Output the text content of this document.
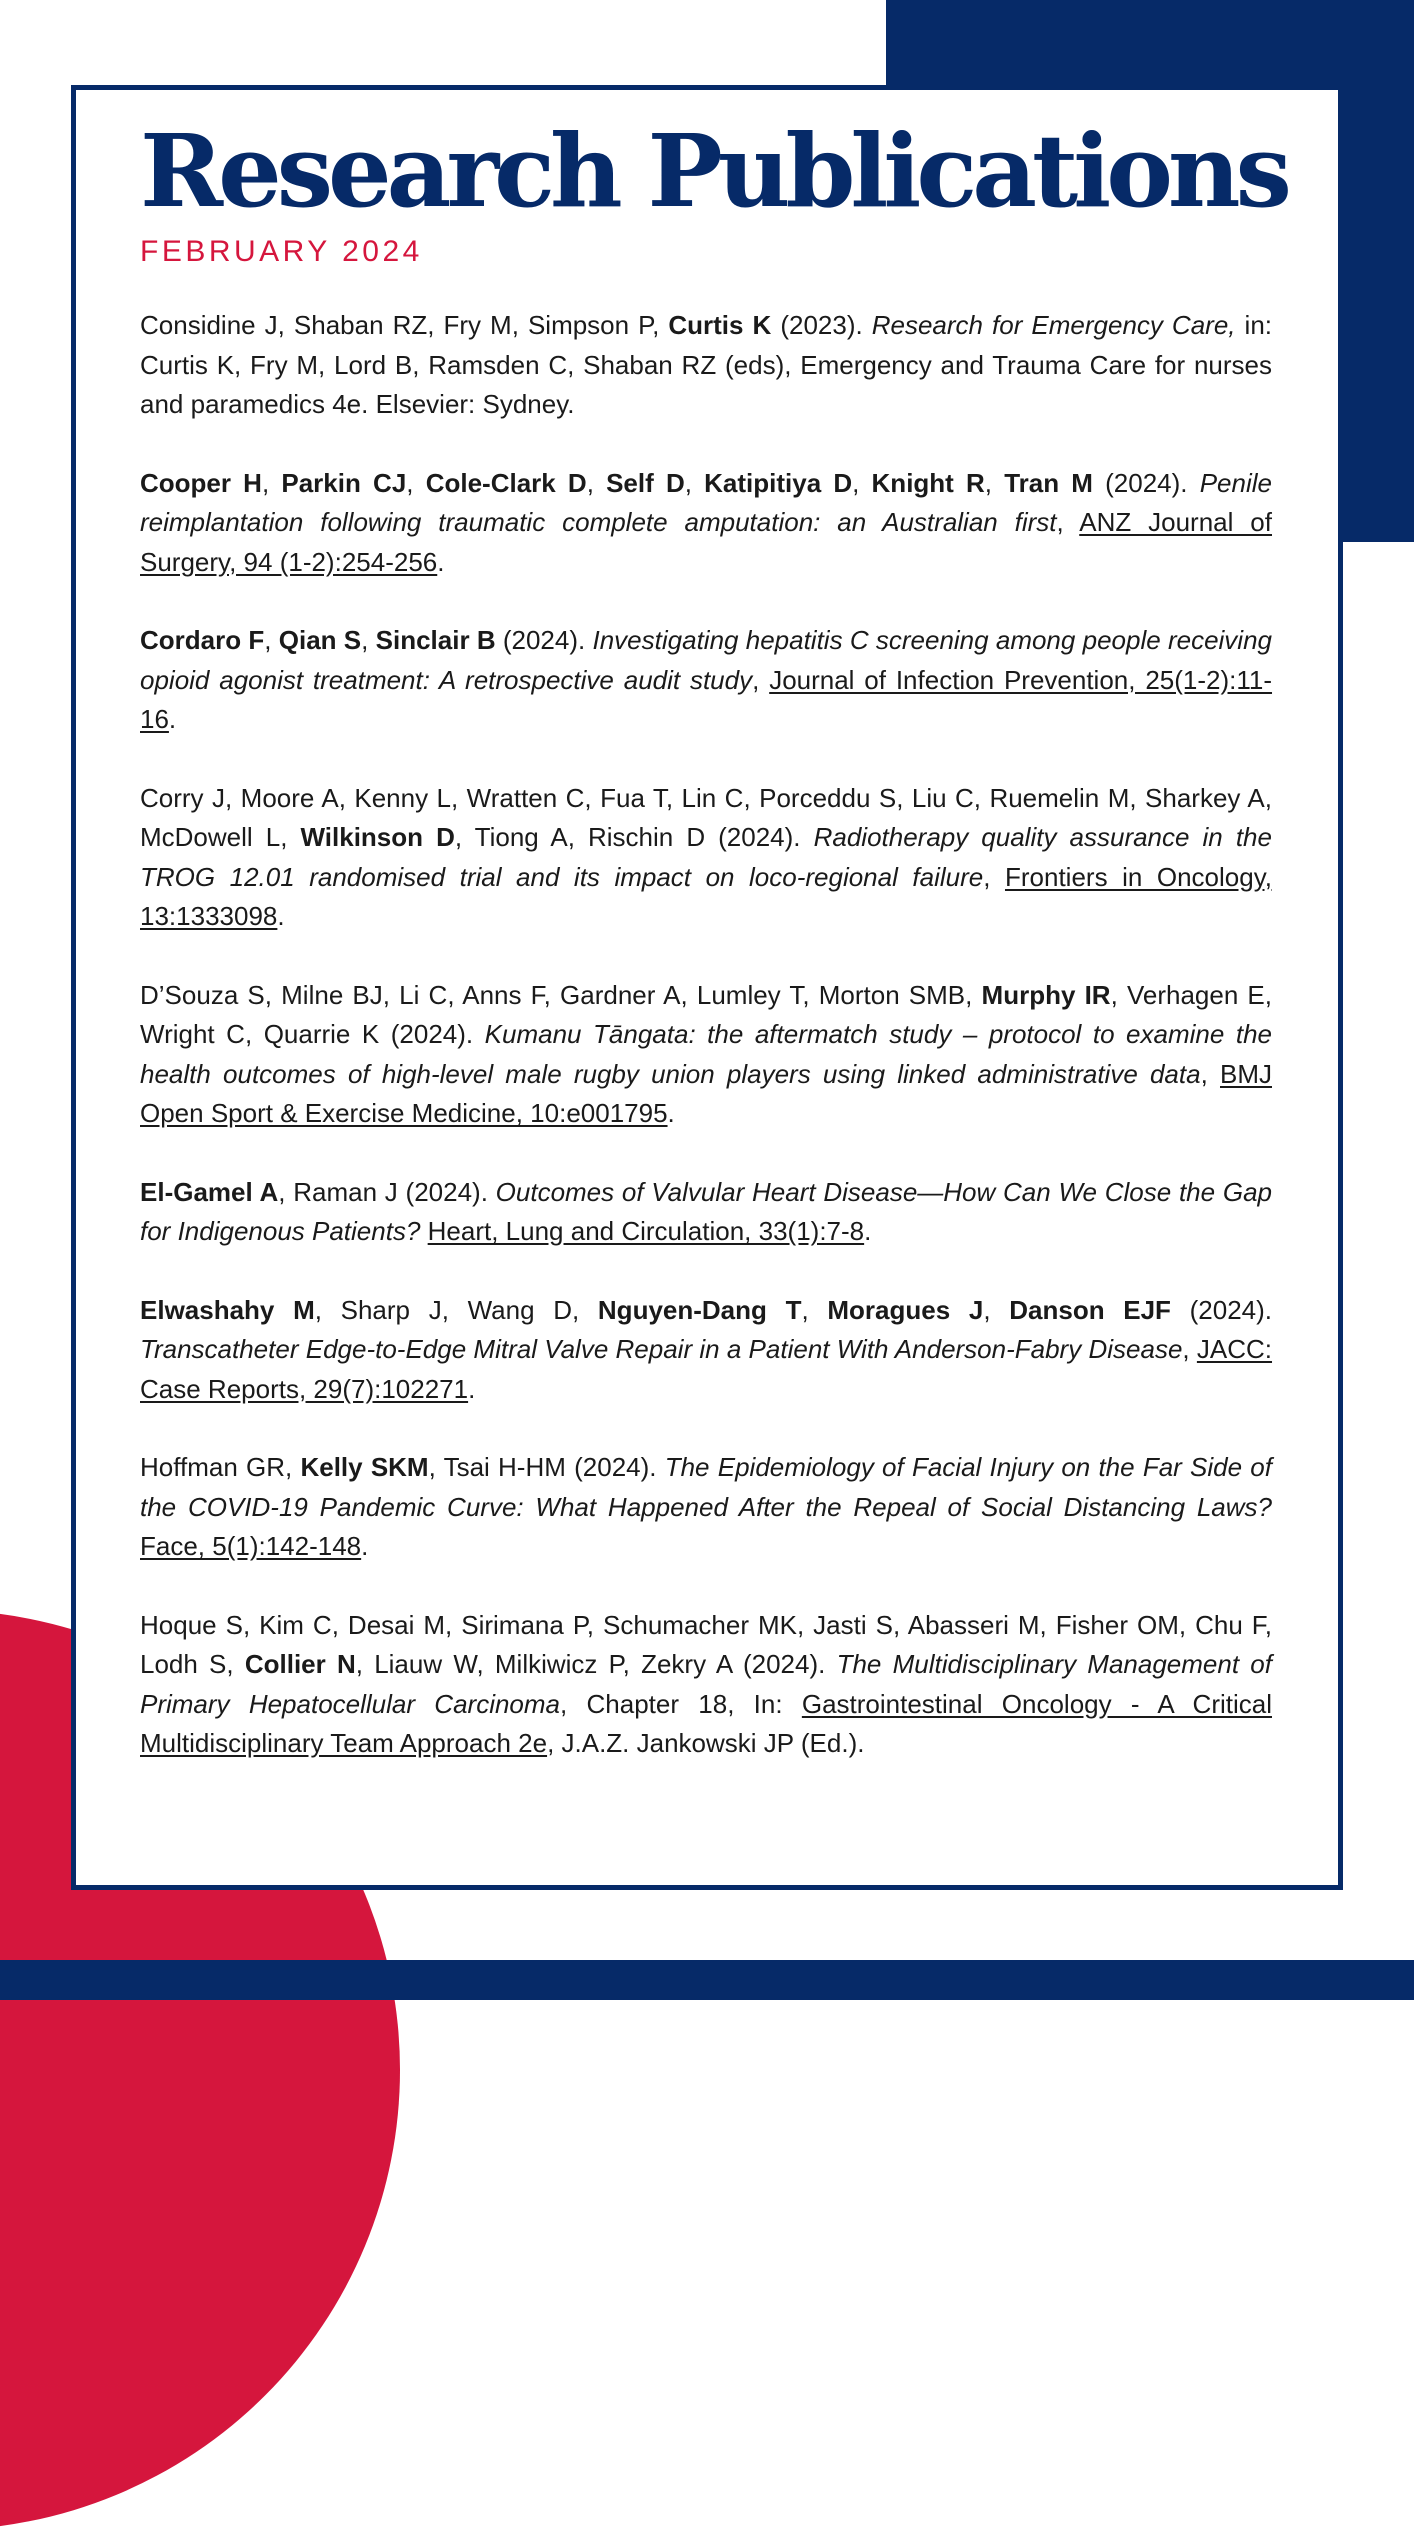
Research Publications
FEBRUARY 2024

Considine J, Shaban RZ, Fry M, Simpson P, Curtis K (2023). Research for Emergency Care, in: Curtis K, Fry M, Lord B, Ramsden C, Shaban RZ (eds), Emergency and Trauma Care for nurses and paramedics 4e. Elsevier: Sydney.

Cooper H, Parkin CJ, Cole-Clark D, Self D, Katipitiya D, Knight R, Tran M (2024). Penile reimplantation following traumatic complete amputation: an Australian first, ANZ Journal of Surgery, 94 (1-2):254-256.

Cordaro F, Qian S, Sinclair B (2024). Investigating hepatitis C screening among people receiving opioid agonist treatment: A retrospective audit study, Journal of Infection Prevention, 25(1-2):11-16.

Corry J, Moore A, Kenny L, Wratten C, Fua T, Lin C, Porceddu S, Liu C, Ruemelin M, Sharkey A, McDowell L, Wilkinson D, Tiong A, Rischin D (2024). Radiotherapy quality assurance in the TROG 12.01 randomised trial and its impact on loco-regional failure, Frontiers in Oncology, 13:1333098.

D’Souza S, Milne BJ, Li C, Anns F, Gardner A, Lumley T, Morton SMB, Murphy IR, Verhagen E, Wright C, Quarrie K (2024). Kumanu Tāngata: the aftermatch study – protocol to examine the health outcomes of high-level male rugby union players using linked administrative data, BMJ Open Sport & Exercise Medicine, 10:e001795.

El-Gamel A, Raman J (2024). Outcomes of Valvular Heart Disease—How Can We Close the Gap for Indigenous Patients? Heart, Lung and Circulation, 33(1):7-8.

Elwashahy M, Sharp J, Wang D, Nguyen-Dang T, Moragues J, Danson EJF (2024). Transcatheter Edge-to-Edge Mitral Valve Repair in a Patient With Anderson-Fabry Disease, JACC: Case Reports, 29(7):102271.

Hoffman GR, Kelly SKM, Tsai H-HM (2024). The Epidemiology of Facial Injury on the Far Side of the COVID-19 Pandemic Curve: What Happened After the Repeal of Social Distancing Laws? Face, 5(1):142-148.

Hoque S, Kim C, Desai M, Sirimana P, Schumacher MK, Jasti S, Abasseri M, Fisher OM, Chu F, Lodh S, Collier N, Liauw W, Milkiwicz P, Zekry A (2024). The Multidisciplinary Management of Primary Hepatocellular Carcinoma, Chapter 18, In: Gastrointestinal Oncology - A Critical Multidisciplinary Team Approach 2e, J.A.Z. Jankowski JP (Ed.).
